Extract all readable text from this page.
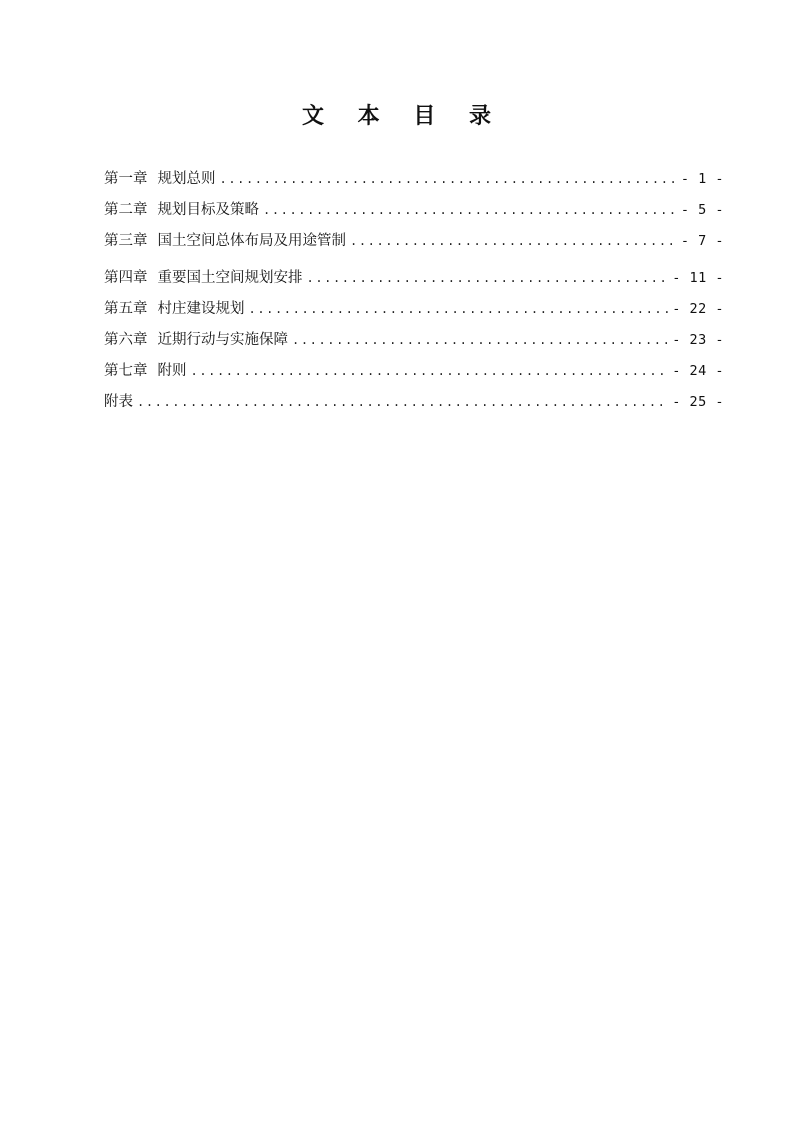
文 本 目 录
第一章 规划总则 .....	- 1 -
第二章 规划目标及策略 .....	- 5 -
第三章 国土空间总体布局及用途管制 .....	- 7 -
第四章 重要国土空间规划安排 .....	- 11 -
第五章 村庄建设规划 .....	- 22 -
第六章 近期行动与实施保障 .....	- 23 -
第七章 附则 .....	- 24 -
附表 .....	- 25 -
